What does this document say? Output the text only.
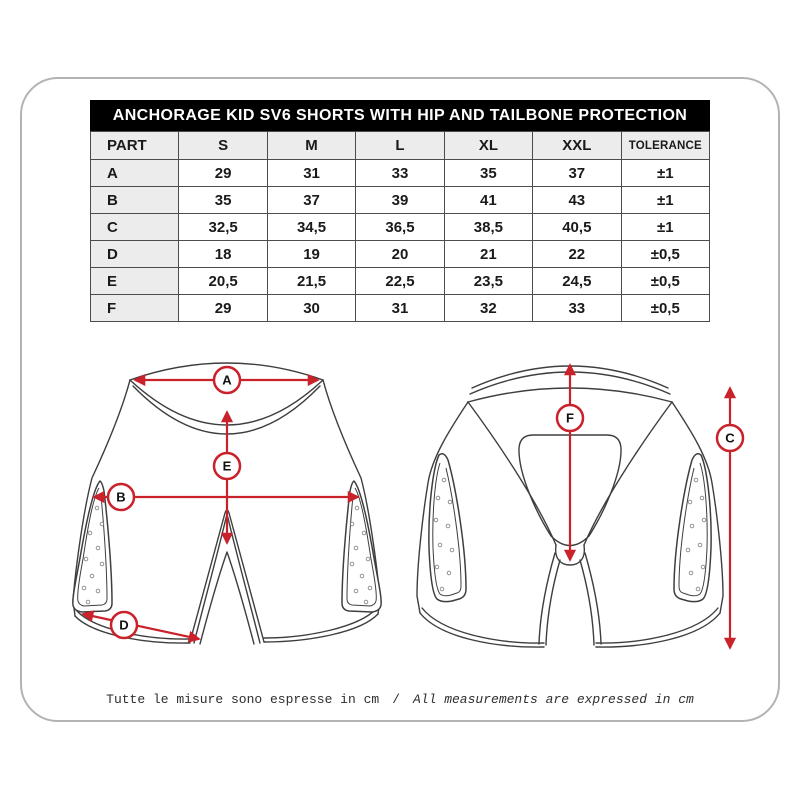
ANCHORAGE KID SV6 SHORTS WITH HIP AND TAILBONE PROTECTION
PART	S	M	L	XL	XXL	TOLERANCE
A	29	31	33	35	37	±1
B	35	37	39	41	43	±1
C	32,5	34,5	36,5	38,5	40,5	±1
D	18	19	20	21	22	±0,5
E	20,5	21,5	22,5	23,5	24,5	±0,5
F	29	30	31	32	33	±0,5
A
E
B
D
F
C
Tutte le misure sono espresse in cm / All measurements are expressed in cm
